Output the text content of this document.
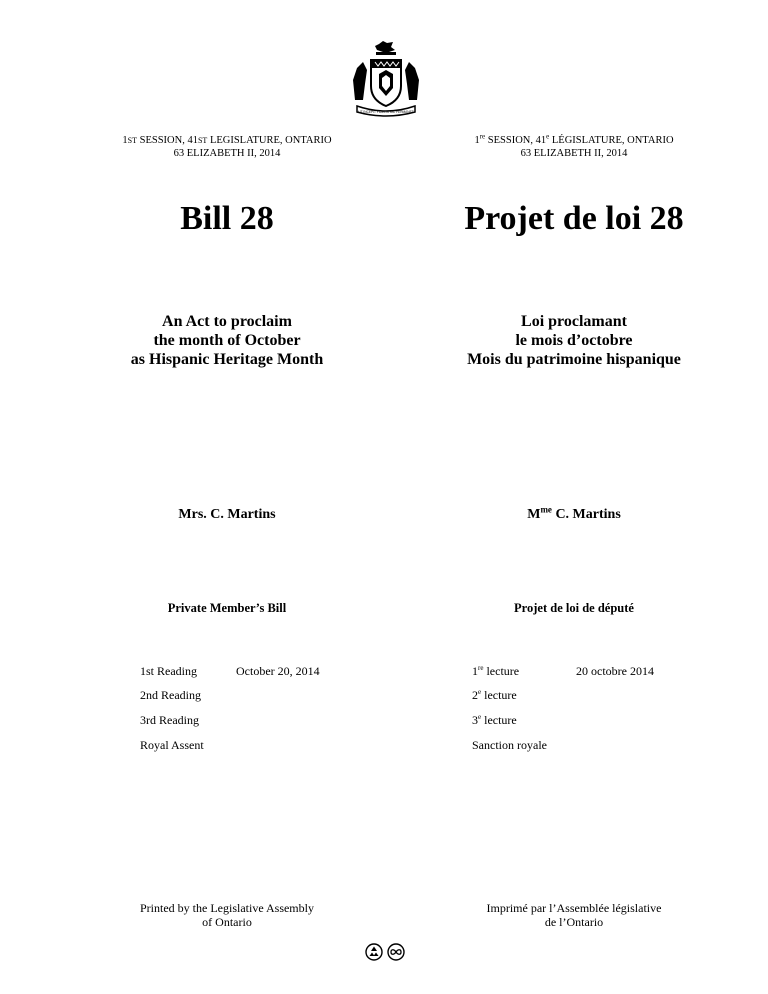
UT INCEPIT FIDELIS SIC PERMANET
1ST SESSION, 41ST LEGISLATURE, ONTARIO
63 ELIZABETH II, 2014
1re SESSION, 41e LÉGISLATURE, ONTARIO
63 ELIZABETH II, 2014
Bill 28	Projet de loi 28
An Act to proclaim
the month of October
as Hispanic Heritage Month
Loi proclamant
le mois d’octobre
Mois du patrimoine hispanique
Mrs. C. Martins	$M^{me}$ C. Martins
Private Member’s Bill	Projet de loi de député
1st Reading	October 20, 2014
2nd Reading
3rd Reading
Royal Assent
1re lecture	20 octobre 2014
2e lecture
3e lecture
Sanction royale
Printed by the Legislative Assembly
of Ontario
Imprimé par l’Assemblée législative
de l’Ontario
